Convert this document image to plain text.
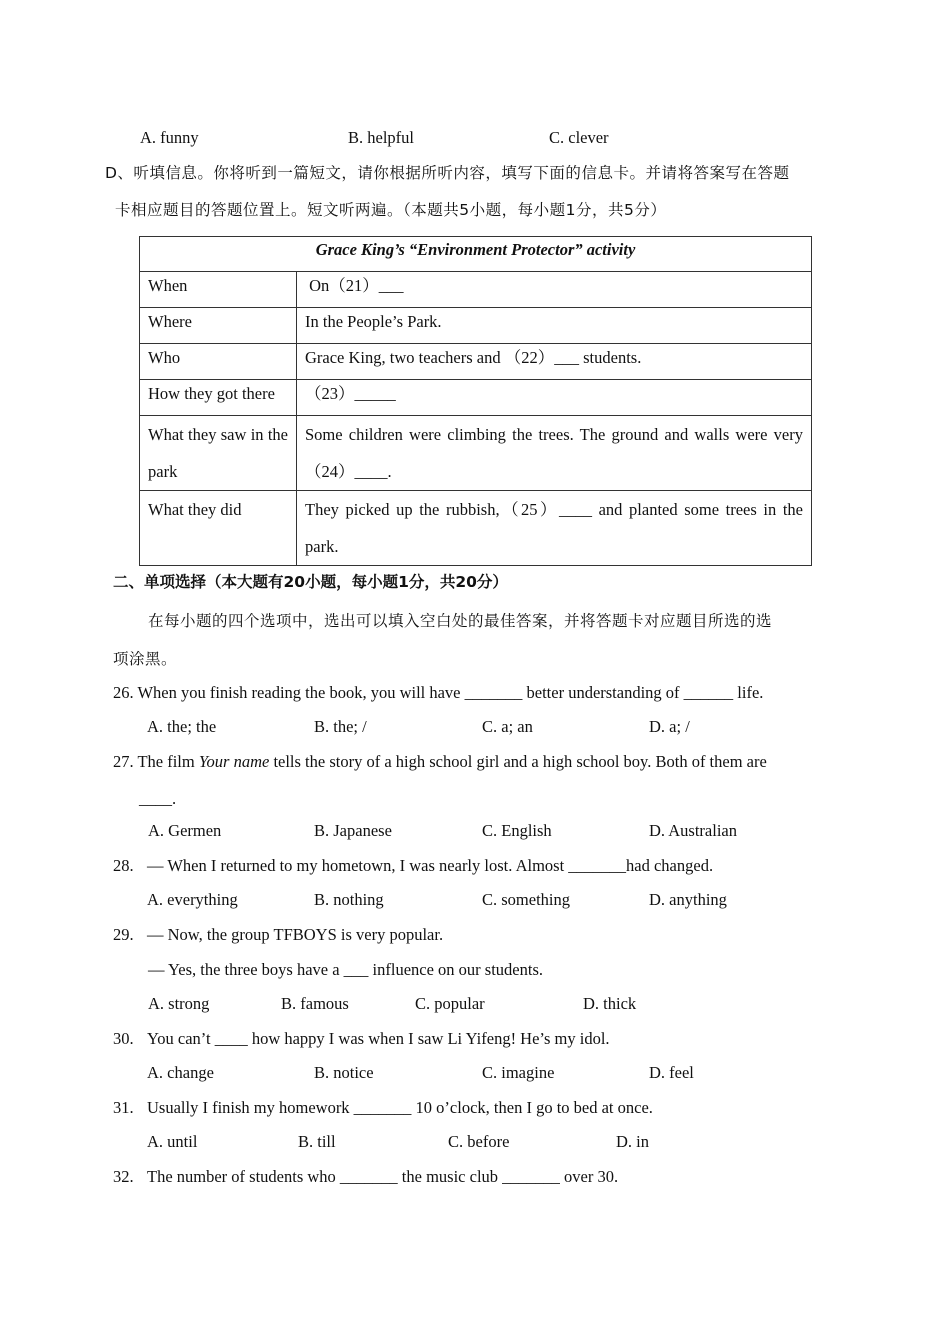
A. funny	B. helpful	C. clever
D、听填信息。你将听到一篇短文，请你根据所听内容，填写下面的信息卡。并请将答案写在答题
卡相应题目的答题位置上。短文听两遍。（本题共5小题，每小题1分，共5分）
Grace King’s “Environment Protector” activity	
When	On（21）___
Where	In the People’s Park.
Who	Grace King, two teachers and （22）___ students.
How they got there	（23）_____
What they saw in the park	Some children were climbing the trees. The ground and walls were very （24）____.
What they did	They picked up the rubbish,（25）____ and planted some trees in the park.
二、单项选择（本大题有20小题，每小题1分，共20分）
在每小题的四个选项中，选出可以填入空白处的最佳答案，并将答题卡对应题目所选的选
项涂黑。
26. When you finish reading the book, you will have _______ better understanding of ______ life.
A. the; the	B. the; /	C. a; an	D. a; /
27. The film Your name tells the story of a high school girl and a high school boy. Both of them are
____.
A. Germen	B. Japanese	C. English	D. Australian
28. — When I returned to my hometown, I was nearly lost. Almost _______had changed.
A. everything	B. nothing	C. something	D. anything
29. — Now, the group TFBOYS is very popular.
— Yes, the three boys have a ___ influence on our students.
A. strong	B. famous	C. popular	D. thick
30. You can’t ____ how happy I was when I saw Li Yifeng! He’s my idol.
A. change	B. notice	C. imagine	D. feel
31. Usually I finish my homework _______ 10 o’clock, then I go to bed at once.
A. until	B. till	C. before	D. in
32. The number of students who _______ the music club _______ over 30.
